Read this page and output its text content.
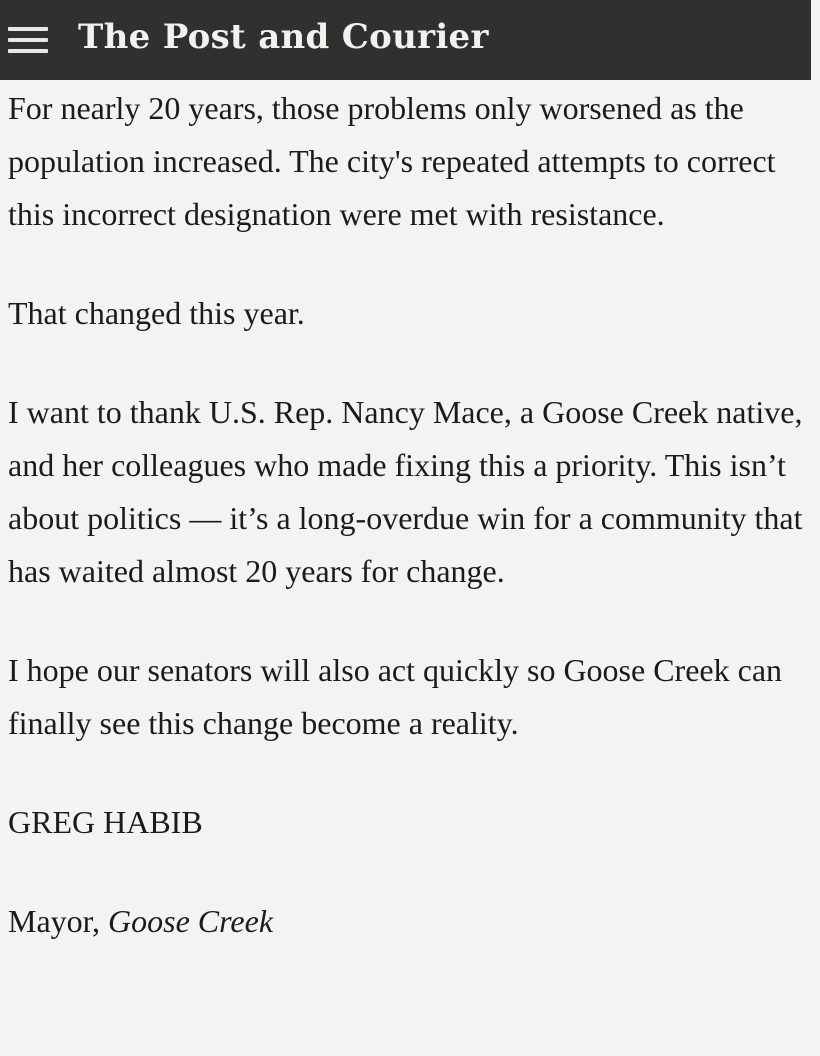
The Post and Courier

For nearly 20 years, those problems only worsened as the population increased. The city's repeated attempts to correct this incorrect designation were met with resistance.

That changed this year.

I want to thank U.S. Rep. Nancy Mace, a Goose Creek native, and her colleagues who made fixing this a priority. This isn’t about politics — it’s a long-overdue win for a community that has waited almost 20 years for change.

I hope our senators will also act quickly so Goose Creek can finally see this change become a reality.

GREG HABIB

Mayor, Goose Creek
